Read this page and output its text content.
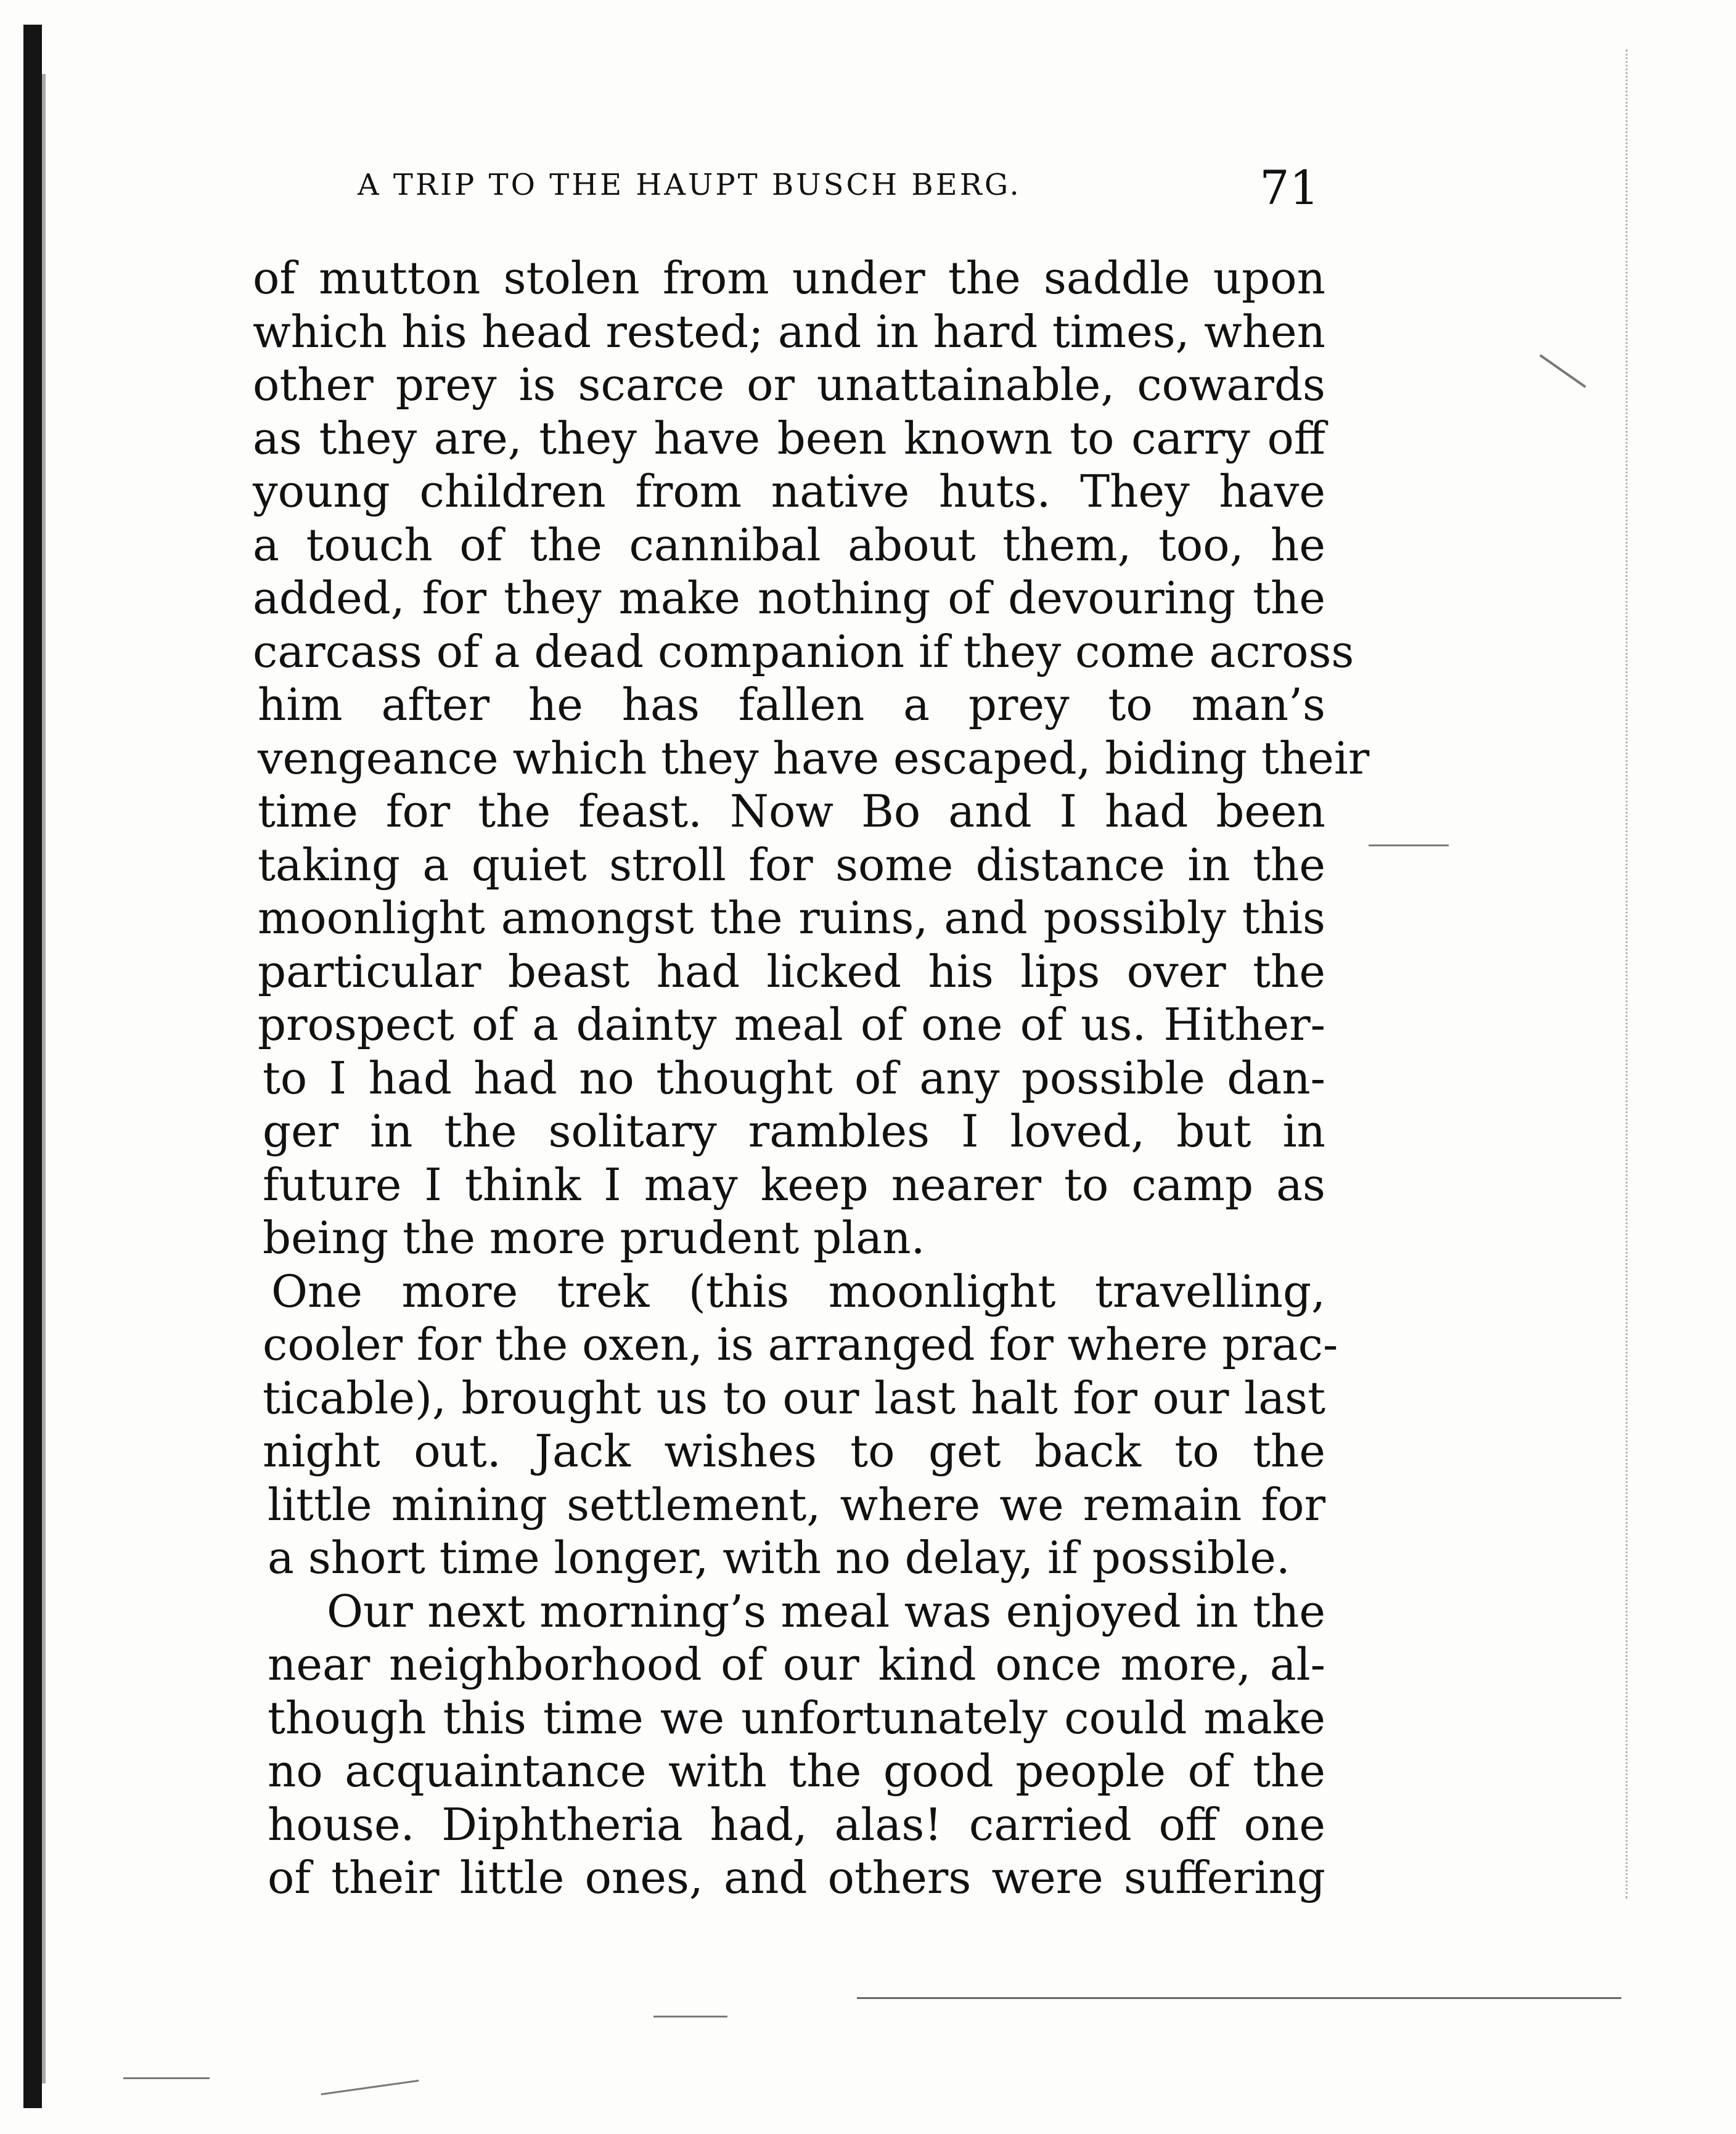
A TRIP TO THE HAUPT BUSCH BERG.	71
of mutton stolen from under the saddle upon
which his head rested; and in hard times, when
other prey is scarce or unattainable, cowards
as they are, they have been known to carry off
young children from native huts. They have
a touch of the cannibal about them, too, he
added, for they make nothing of devouring the
carcass of a dead companion if they come across
him after he has fallen a prey to man’s
vengeance which they have escaped, biding their
time for the feast. Now Bo and I had been
taking a quiet stroll for some distance in the
moonlight amongst the ruins, and possibly this
particular beast had licked his lips over the
prospect of a dainty meal of one of us. Hither-
to I had had no thought of any possible dan-
ger in the solitary rambles I loved, but in
future I think I may keep nearer to camp as
being the more prudent plan.
One more trek (this moonlight travelling,
cooler for the oxen, is arranged for where prac-
ticable), brought us to our last halt for our last
night out. Jack wishes to get back to the
little mining settlement, where we remain for
a short time longer, with no delay, if possible.
Our next morning’s meal was enjoyed in the
near neighborhood of our kind once more, al-
though this time we unfortunately could make
no acquaintance with the good people of the
house. Diphtheria had, alas! carried off one
of their little ones, and others were suffering
